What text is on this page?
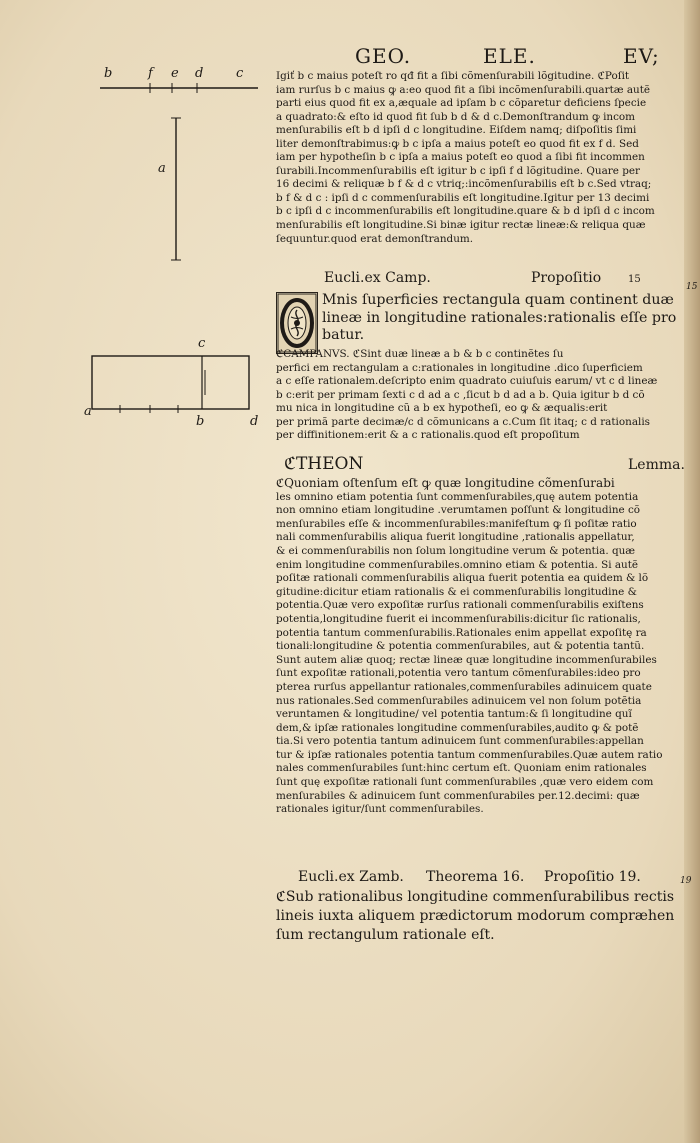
GEO.	ELE.	EV;
b	f e d	c
a
c
a
b	d
Igiť b c maius poteſt ro qđ fit a ſibi cõmenſurabili lõgitudine. ℭPoſit
iam rurſus b c maius ꝙ a:eo quod fit a ſibi incõmenſurabili.quartæ autẽ
parti eius quod fit ex a,æquale ad ipſam b c cõparetur deficiens ſpecie
a quadrato:& eſto id quod fit ſub b d & d c.Demonſtrandum ꝙ incom
menſurabilis eſt b d ipſi d c longitudine. Eiſdem namq; diſpoſitis ſimi
liter demonſtrabimus:ꝙ b c ipſa a maius poteſt eo quod fit ex f d. Sed
iam per hypotheſin b c ipſa a maius poteſt eo quod a ſibi fit incommen
ſurabili.Incommenſurabilis eſt igitur b c ipſi f d lõgitudine. Quare per
16 decimi & reliquæ b f & d c vtriq;:incõmenſurabilis eſt b c.Sed vtraq;
b f & d c : ipſi d c commenſurabilis eſt longitudine.Igitur per 13 decimi
b c ipſi d c incommenſurabilis eſt longitudine.quare & b d ipſi d c incom
menſurabilis eſt longitudine.Si binæ igitur rectæ lineæ:& reliqua quæ
ſequuntur.quod erat demonſtrandum.
Eucli.ex Camp.	Propoſitio	15
15
Mnis ſuperficies rectangula quam continent duæ
lineæ in longitudine rationales:rationalis eſſe pro
batur.
ℭCAMPANVS. ℭSint duæ lineæ a b & b c continẽtes ſu
perfici em rectangulam a c:rationales in longitudine .dico ſuperficiem
a c eſſe rationalem.deſcripto enim quadrato cuiuſuis earum/ vt c d lineæ
b c:erit per primam ſexti c d ad a c ,ſicut b d ad a b. Quia igitur b d cõ
mu nica in longitudine cũ a b ex hypotheſi, eo ꝙ & æqualis:erit
per primã parte decimæ/c d cõmunicans a c.Cum ſit itaq; c d rationalis
per diffinitionem:erit & a c rationalis.quod eſt propoſitum
ℭTHEON	Lemma.
ℭQuoniam oſtenſum eſt ꝙ quæ longitudine cõmenſurabi
les omnino etiam potentia ſunt commenſurabiles,quę autem potentia
non omnino etiam longitudine .verumtamen poſſunt & longitudine cõ
menſurabiles eſſe & incommenſurabiles:manifeſtum ꝙ ſi poſitæ ratio
nali commenſurabilis aliqua fuerit longitudine ,rationalis appellatur,
& ei commenſurabilis non ſolum longitudine verum & potentia. quæ
enim longitudine commenſurabiles.omnino etiam & potentia. Si autẽ
poſitæ rationali commenſurabilis aliqua fuerit potentia ea quidem & lõ
gitudine:dicitur etiam rationalis & ei commenſurabilis longitudine &
potentia.Quæ vero expoſitæ rurſus rationali commenſurabilis exiſtens
potentia,longitudine fuerit ei incommenſurabilis:dicitur ſic rationalis,
potentia tantum commenſurabilis.Rationales enim appellat expoſitę ra
tionali:longitudine & potentia commenſurabiles, aut & potentia tantũ.
Sunt autem aliæ quoq; rectæ lineæ quæ longitudine incommenſurabiles
ſunt expoſitæ rationali,potentia vero tantum cõmenſurabiles:ideo pro
pterea rurſus appellantur rationales,commenſurabiles adinuicem quate
nus rationales.Sed commenſurabiles adinuicem vel non ſolum potẽtia
veruntamen & longitudine/ vel potentia tantum:& ſi longitudine quĩ
dem,& ipſæ rationales longitudine commenſurabiles,audito ꝙ & potẽ
tia.Si vero potentia tantum adinuicem ſunt commenſurabiles:appellan
tur & ipſæ rationales potentia tantum commenſurabiles.Quæ autem ratio
nales commenſurabiles ſunt:hinc certum eſt. Quoniam enim rationales
ſunt quę expoſitæ rationali ſunt commenſurabiles ,quæ vero eidem com
menſurabiles & adinuicem ſunt commenſurabiles per.12.decimi: quæ
rationales igitur/ſunt commenſurabiles.
Eucli.ex Zamb. Theorema 16. Propoſitio 19.	19
ℭSub rationalibus longitudine commenſurabilibus rectis
lineis iuxta aliquem prædictorum modorum compræhen
ſum rectangulum rationale eſt.
